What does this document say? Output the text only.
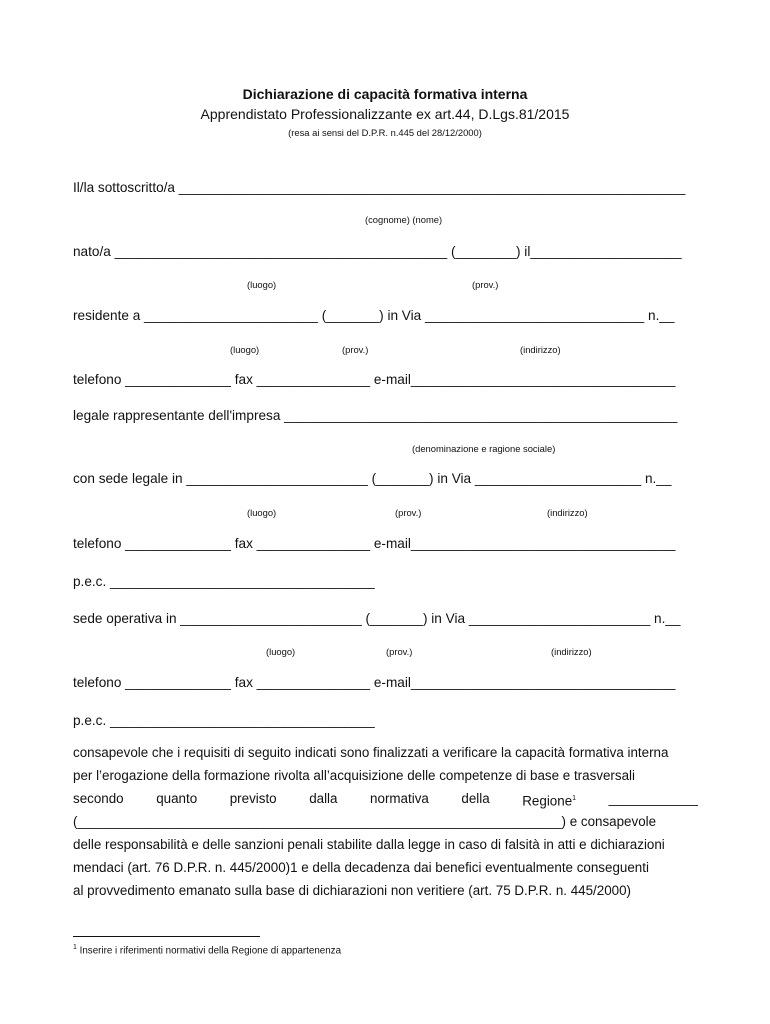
Dichiarazione di capacità formativa interna
Apprendistato Professionalizzante ex art.44, D.Lgs.81/2015
(resa ai sensi del D.P.R. n.445 del 28/12/2000)
Il/la sottoscritto/a ___________________________________________________________________
(cognome) (nome)
nato/a ____________________________________________ (________) il____________________
(luogo)	(prov.)
residente a _______________________ (_______) in Via _____________________________ n.__
(luogo)	(prov.)	(indirizzo)
telefono ______________ fax _______________ e-mail___________________________________
legale rappresentante dell'impresa ____________________________________________________
(denominazione e ragione sociale)
con sede legale in ________________________ (_______) in Via ______________________ n.__
(luogo)	(prov.)	(indirizzo)
telefono ______________ fax _______________ e-mail___________________________________
p.e.c. ___________________________________
sede operativa in ________________________ (_______) in Via ________________________ n.__
(luogo)	(prov.)	(indirizzo)
telefono ______________ fax _______________ e-mail___________________________________
p.e.c. ___________________________________
consapevole che i requisiti di seguito indicati sono finalizzati a verificare la capacità formativa interna
per l’erogazione della formazione rivolta all’acquisizione delle competenze di base e trasversali
secondo quanto previsto dalla normativa della Regione$^1$ ____________
(_________________________________________________________________) e consapevole
delle responsabilità e delle sanzioni penali stabilite dalla legge in caso di falsità in atti e dichiarazioni
mendaci (art. 76 D.P.R. n. 445/2000)1 e della decadenza dai benefici eventualmente conseguenti
al provvedimento emanato sulla base di dichiarazioni non veritiere (art. 75 D.P.R. n. 445/2000)
$^1$ Inserire i riferimenti normativi della Regione di appartenenza
